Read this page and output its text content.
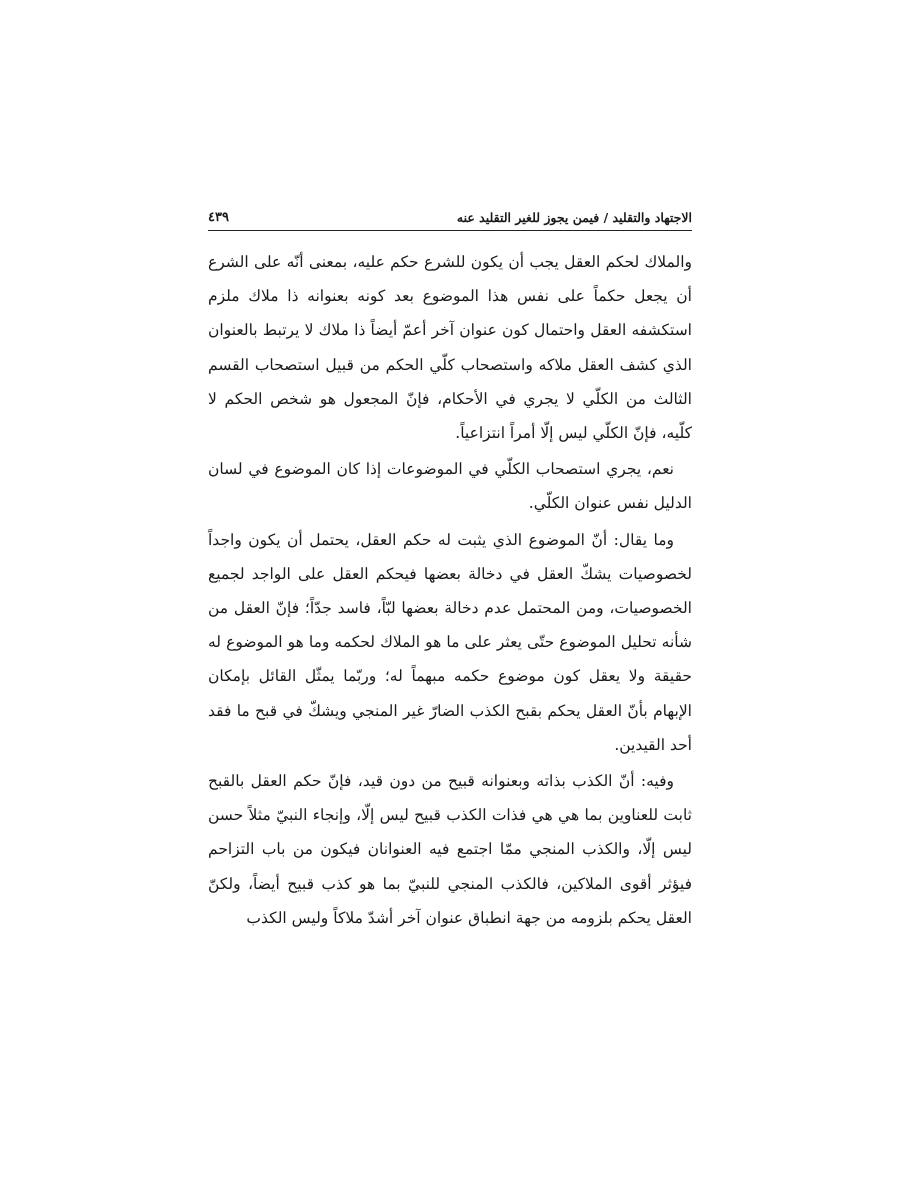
الاجتهاد والتقليد / فيمن يجوز للغير التقليد عنه
٤٣٩

والملاك لحكم العقل يجب أن يكون للشرع حكم عليه، بمعنى أنّه على الشرع أن يجعل حكماً على نفس هذا الموضوع بعد كونه بعنوانه ذا ملاك ملزم استكشفه العقل واحتمال كون عنوان آخر أعمّ أيضاً ذا ملاك لا يرتبط بالعنوان الذي كشف العقل ملاكه واستصحاب كلّي الحكم من قبيل استصحاب القسم الثالث من الكلّي لا يجري في الأحكام، فإنّ المجعول هو شخص الحكم لا كلّيه، فإنّ الكلّي ليس إلّا أمراً انتزاعياً.

نعم، يجري استصحاب الكلّي في الموضوعات إذا كان الموضوع في لسان الدليل نفس عنوان الكلّي.

وما يقال: أنّ الموضوع الذي يثبت له حكم العقل، يحتمل أن يكون واجداً لخصوصيات يشكّ العقل في دخالة بعضها فيحكم العقل على الواجد لجميع الخصوصيات، ومن المحتمل عدم دخالة بعضها لبّاً، فاسد جدّاً؛ فإنّ العقل من شأنه تحليل الموضوع حتّى يعثر على ما هو الملاك لحكمه وما هو الموضوع له حقيقة ولا يعقل كون موضوع حكمه مبهماً له؛ وربّما يمثّل القائل بإمكان الإبهام بأنّ العقل يحكم بقبح الكذب الضارّ غير المنجي ويشكّ في قبح ما فقد أحد القيدين.

وفيه: أنّ الكذب بذاته وبعنوانه قبيح من دون قيد، فإنّ حكم العقل بالقبح ثابت للعناوين بما هي هي فذات الكذب قبيح ليس إلّا، وإنجاء النبيّ مثلاً حسن ليس إلّا، والكذب المنجي ممّا اجتمع فيه العنوانان فيكون من باب التزاحم فيؤثر أقوى الملاكين، فالكذب المنجي للنبيّ بما هو كذب قبيح أيضاً، ولكنّ العقل يحكم بلزومه من جهة انطباق عنوان آخر أشدّ ملاكاً وليس الكذب
